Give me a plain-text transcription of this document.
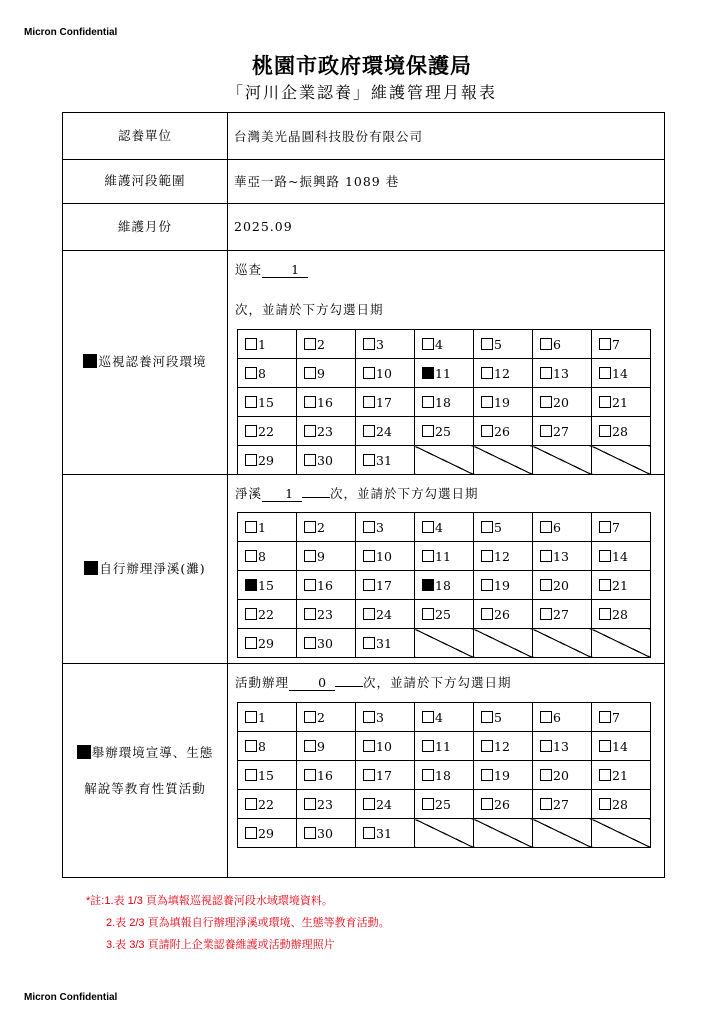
Micron Confidential
桃園市政府環境保護局
「河川企業認養」維護管理月報表
認養單位	台灣美光晶圓科技股份有限公司
維護河段範圍	華亞一路~振興路 1089 巷
維護月份	2025.09
巡視認養河段環境
巡查 1
次，並請於下方勾選日期
1	2	3	4	5	6	7
8	9	10	11	12	13	14
15	16	17	18	19	20	21
22	23	24	25	26	27	28
29	30	31				
自行辦理淨溪(灘)
淨溪 1	次，並請於下方勾選日期
1	2	3	4	5	6	7
8	9	10	11	12	13	14
15	16	17	18	19	20	21
22	23	24	25	26	27	28
29	30	31				
舉辦環境宣導、生態
解說等教育性質活動
活動辦理 0	次，並請於下方勾選日期
1	2	3	4	5	6	7
8	9	10	11	12	13	14
15	16	17	18	19	20	21
22	23	24	25	26	27	28
29	30	31				
*註:1.表 1/3 頁為填報巡視認養河段水域環境資料。
2.表 2/3 頁為填報自行辦理淨溪或環境、生態等教育活動。
3.表 3/3 頁請附上企業認養維護或活動辦理照片
Micron Confidential
